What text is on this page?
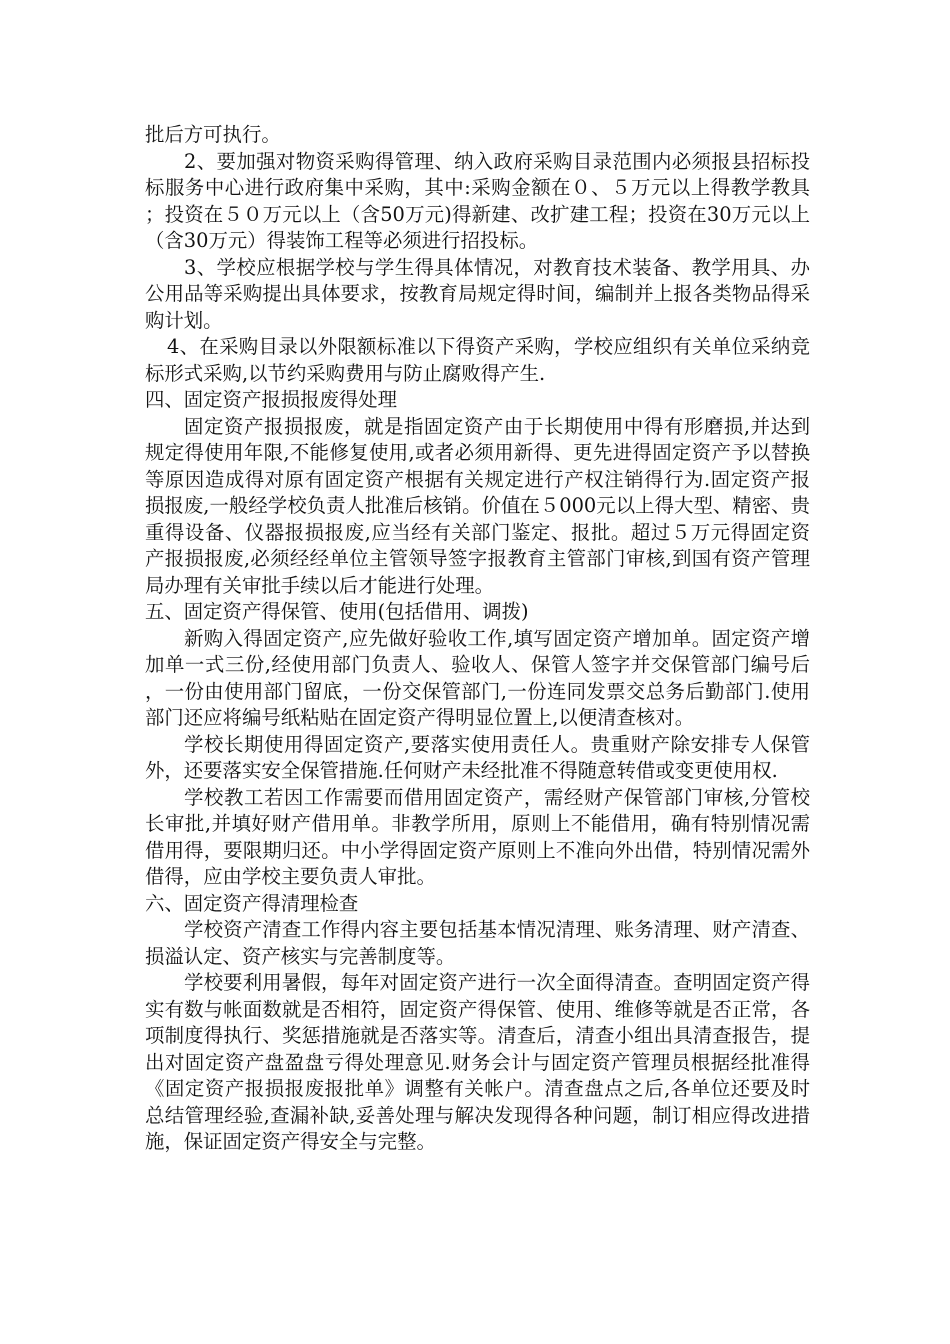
批后方可执行。

2、要加强对物资采购得管理、纳入政府采购目录范围内必须报县招标投标服务中心进行政府集中采购，其中:采购金额在０、５万元以上得教学教具；投资在５０万元以上（含50万元)得新建、改扩建工程；投资在30万元以上（含30万元）得装饰工程等必须进行招投标。

3、学校应根据学校与学生得具体情况，对教育技术装备、教学用具、办公用品等采购提出具体要求，按教育局规定得时间，编制并上报各类物品得采购计划。

4、在采购目录以外限额标准以下得资产采购，学校应组织有关单位采纳竞标形式采购,以节约采购费用与防止腐败得产生.

四、固定资产报损报废得处理

固定资产报损报废，就是指固定资产由于长期使用中得有形磨损,并达到规定得使用年限,不能修复使用,或者必须用新得、更先进得固定资产予以替换等原因造成得对原有固定资产根据有关规定进行产权注销得行为.固定资产报损报废,一般经学校负责人批准后核销。价值在５000元以上得大型、精密、贵重得设备、仪器报损报废,应当经有关部门鉴定、报批。超过５万元得固定资产报损报废,必须经经单位主管领导签字报教育主管部门审核,到国有资产管理局办理有关审批手续以后才能进行处理。

五、固定资产得保管、使用(包括借用、调拨)

新购入得固定资产,应先做好验收工作,填写固定资产增加单。固定资产增加单一式三份,经使用部门负责人、验收人、保管人签字并交保管部门编号后，一份由使用部门留底，一份交保管部门,一份连同发票交总务后勤部门.使用部门还应将编号纸粘贴在固定资产得明显位置上,以便清查核对。

学校长期使用得固定资产,要落实使用责任人。贵重财产除安排专人保管外，还要落实安全保管措施.任何财产未经批准不得随意转借或变更使用权.

学校教工若因工作需要而借用固定资产，需经财产保管部门审核,分管校长审批,并填好财产借用单。非教学所用，原则上不能借用，确有特别情况需借用得，要限期归还。中小学得固定资产原则上不准向外出借，特别情况需外借得，应由学校主要负责人审批。

六、固定资产得清理检查

学校资产清查工作得内容主要包括基本情况清理、账务清理、财产清查、损溢认定、资产核实与完善制度等。

学校要利用暑假，每年对固定资产进行一次全面得清查。查明固定资产得实有数与帐面数就是否相符，固定资产得保管、使用、维修等就是否正常，各项制度得执行、奖惩措施就是否落实等。清查后，清查小组出具清查报告，提出对固定资产盘盈盘亏得处理意见.财务会计与固定资产管理员根据经批准得《固定资产报损报废报批单》调整有关帐户。清查盘点之后,各单位还要及时总结管理经验,查漏补缺,妥善处理与解决发现得各种问题，制订相应得改进措施，保证固定资产得安全与完整。
